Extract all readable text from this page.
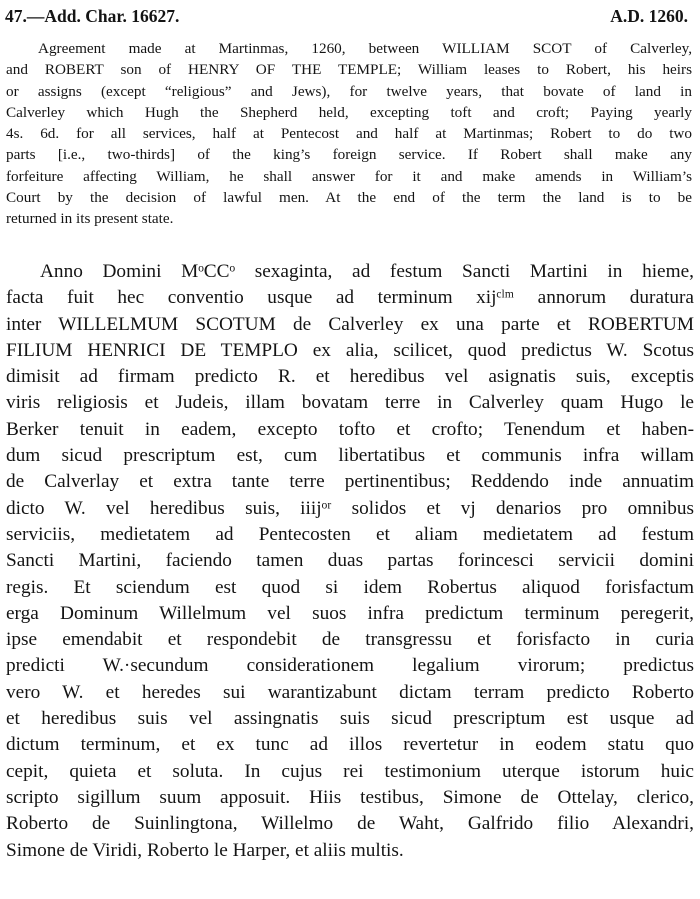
47.—Add. Char. 16627.	A.D. 1260.
Agreement made at Martinmas, 1260, between WILLIAM SCOT of Calverley,
and ROBERT son of HENRY OF THE TEMPLE; William leases to Robert, his heirs
or assigns (except “religious” and Jews), for twelve years, that bovate of land in
Calverley which Hugh the Shepherd held, excepting toft and croft; Paying yearly
4s. 6d. for all services, half at Pentecost and half at Martinmas; Robert to do two
parts [i.e., two-thirds] of the king’s foreign service. If Robert shall make any
forfeiture affecting William, he shall answer for it and make amends in William’s
Court by the decision of lawful men. At the end of the term the land is to be
returned in its present state.
Anno Domini MᵒCCᵒ sexaginta, ad festum Sancti Martini in hieme,
facta fuit hec conventio usque ad terminum xijᶜˡᵐ annorum duratura
inter WILLELMUM SCOTUM de Calverley ex una parte et ROBERTUM
FILIUM HENRICI DE TEMPLO ex alia, scilicet, quod predictus W. Scotus
dimisit ad firmam predicto R. et heredibus vel asignatis suis, exceptis
viris religiosis et Judeis, illam bovatam terre in Calverley quam Hugo le
Berker tenuit in eadem, excepto tofto et crofto; Tenendum et haben-
dum sicud prescriptum est, cum libertatibus et communis infra willam
de Calverlay et extra tante terre pertinentibus; Reddendo inde annuatim
dicto W. vel heredibus suis, iiijᵒʳ solidos et vj denarios pro omnibus
serviciis, medietatem ad Pentecosten et aliam medietatem ad festum
Sancti Martini, faciendo tamen duas partas forincesci servicii domini
regis. Et sciendum est quod si idem Robertus aliquod forisfactum
erga Dominum Willelmum vel suos infra predictum terminum peregerit,
ipse emendabit et respondebit de transgressu et forisfacto in curia
predicti W.·secundum considerationem legalium virorum; predictus
vero W. et heredes sui warantizabunt dictam terram predicto Roberto
et heredibus suis vel assingnatis suis sicud prescriptum est usque ad
dictum terminum, et ex tunc ad illos revertetur in eodem statu quo
cepit, quieta et soluta. In cujus rei testimonium uterque istorum huic
scripto sigillum suum apposuit. Hiis testibus, Simone de Ottelay, clerico,
Roberto de Suinlingtona, Willelmo de Waht, Galfrido filio Alexandri,
Simone de Viridi, Roberto le Harper, et aliis multis.
